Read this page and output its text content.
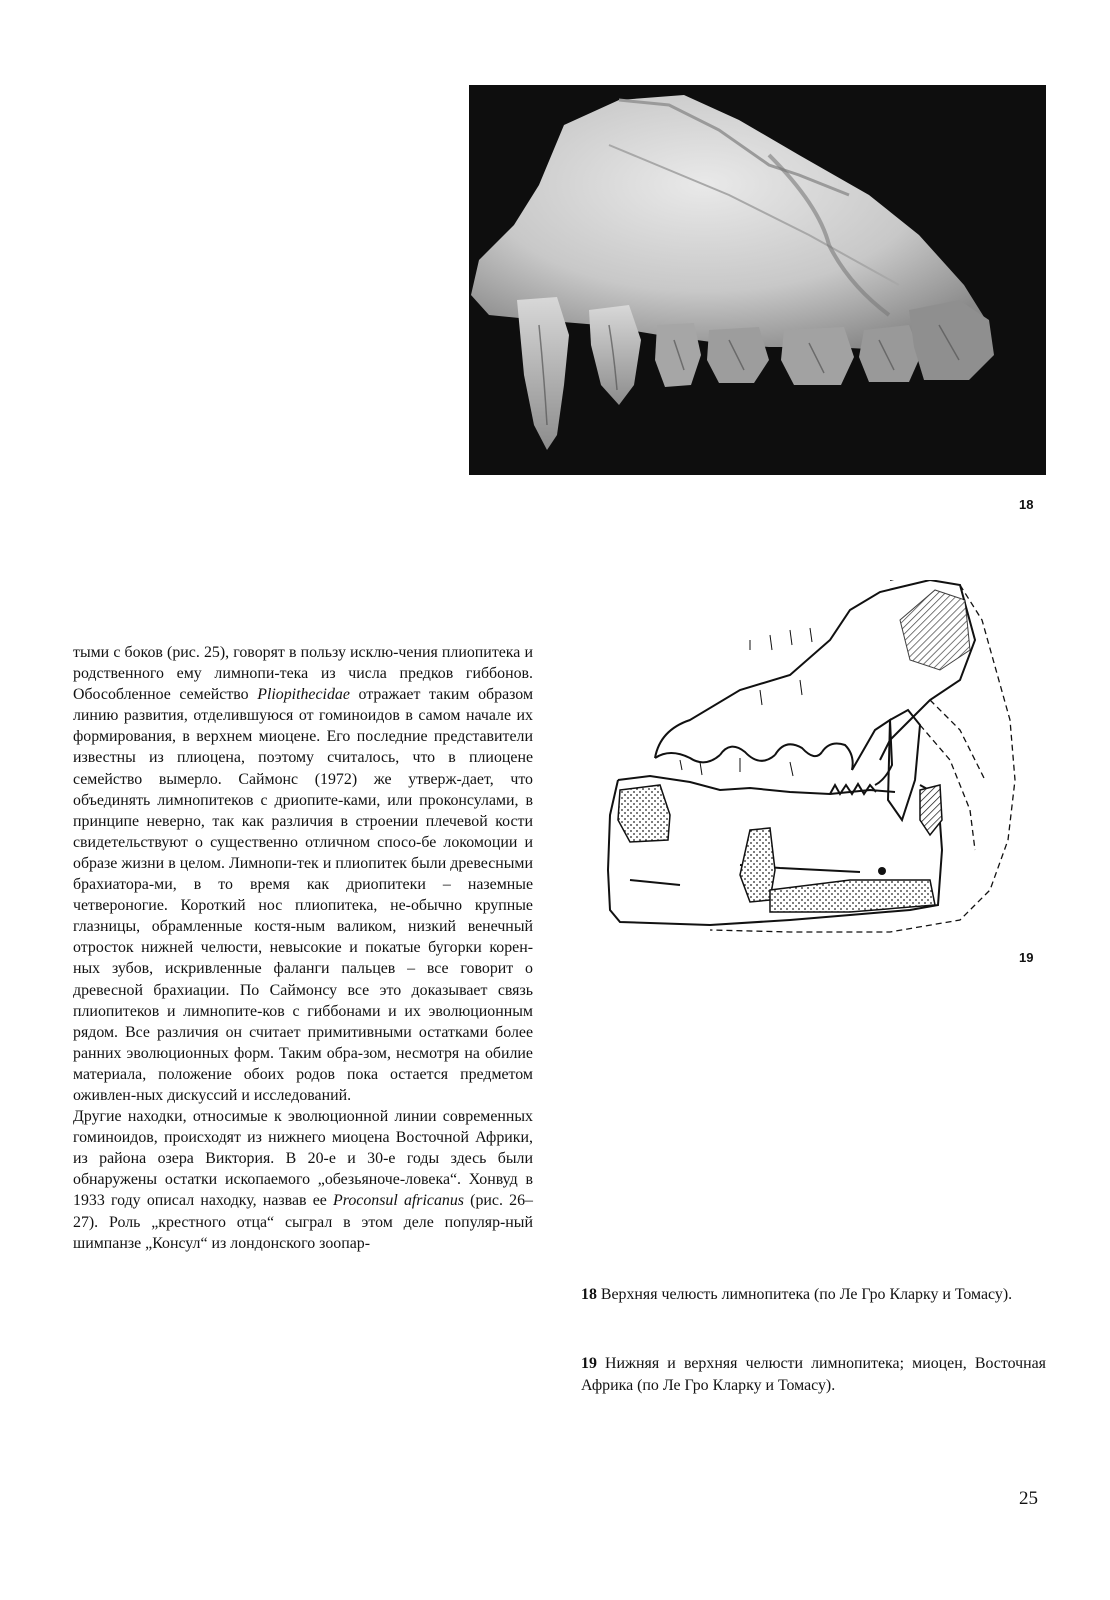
18
19

тыми с боков (рис. 25), говорят в пользу исклю-чения плиопитека и родственного ему лимнопи-тека из числа предков гиббонов. Обособленное семейство Pliopithecidae отражает таким образом линию развития, отделившуюся от гоминоидов в самом начале их формирования, в верхнем миоцене. Его последние представители известны из плиоцена, поэтому считалось, что в плиоцене семейство вымерло. Саймонс (1972) же утверж-дает, что объединять лимнопитеков с дриопите-ками, или проконсулами, в принципе неверно, так как различия в строении плечевой кости свидетельствуют о существенно отличном спосо-бе локомоции и образе жизни в целом. Лимнопи-тек и плиопитек были древесными брахиатора-ми, в то время как дриопитеки – наземные четвероногие. Короткий нос плиопитека, не-обычно крупные глазницы, обрамленные костя-ным валиком, низкий венечный отросток нижней челюсти, невысокие и покатые бугорки корен-ных зубов, искривленные фаланги пальцев – все говорит о древесной брахиации. По Саймонсу все это доказывает связь плиопитеков и лимнопите-ков с гиббонами и их эволюционным рядом. Все различия он считает примитивными остатками более ранних эволюционных форм. Таким обра-зом, несмотря на обилие материала, положение обоих родов пока остается предметом оживлен-ных дискуссий и исследований.

Другие находки, относимые к эволюционной линии современных гоминоидов, происходят из нижнего миоцена Восточной Африки, из района озера Виктория. В 20-е и 30-е годы здесь были обнаружены остатки ископаемого „обезьяноче-ловека“. Хонвуд в 1933 году описал находку, назвав ее Proconsul africanus (рис. 26–27). Роль „крестного отца“ сыграл в этом деле популяр-ный шимпанзе „Консул“ из лондонского зоопар-

18 Верхняя челюсть лимнопитека (по Ле Гро Кларку и Томасу).
19 Нижняя и верхняя челюсти лимнопитека; миоцен, Восточная Африка (по Ле Гро Кларку и Томасу).
25
